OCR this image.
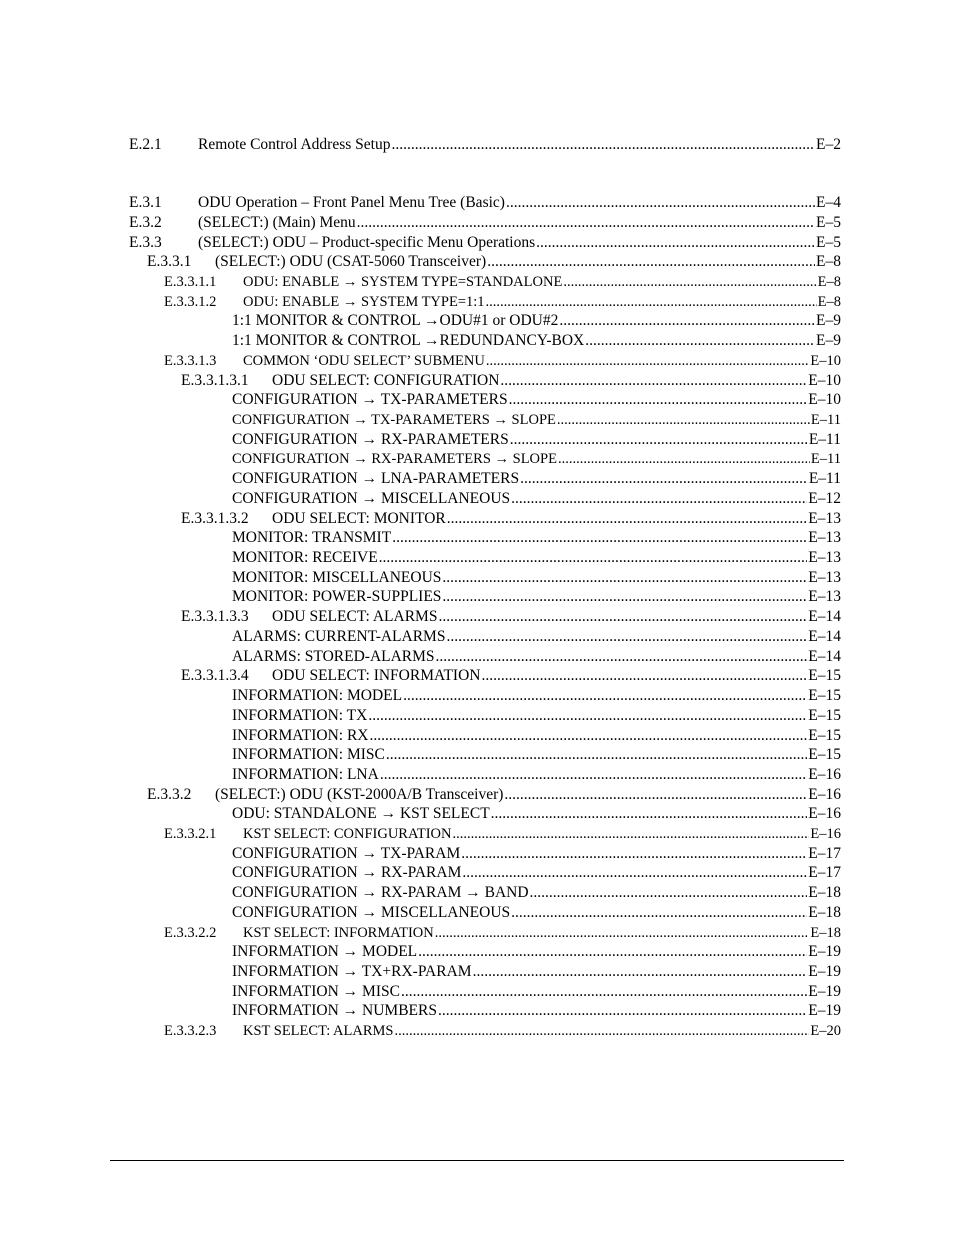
E.2.1	Remote Control Address Setup .....	E–2
E.3.1	ODU Operation – Front Panel Menu Tree (Basic) .....	E–4
E.3.2	(SELECT:) (Main) Menu .....	E–5
E.3.3	(SELECT:) ODU – Product-specific Menu Operations .....	E–5
E.3.3.1	(SELECT:) ODU (CSAT-5060 Transceiver) .....	E–8
E.3.3.1.1	ODU: ENABLE → SYSTEM TYPE=STANDALONE .....	E–8
E.3.3.1.2	ODU: ENABLE → SYSTEM TYPE=1:1 .....	E–8
1:1 MONITOR & CONTROL →ODU#1 or ODU#2 .....	E–9
1:1 MONITOR & CONTROL →REDUNDANCY-BOX .....	E–9
E.3.3.1.3	COMMON ‘ODU SELECT’ SUBMENU .....	E–10
E.3.3.1.3.1	ODU SELECT: CONFIGURATION .....	E–10
CONFIGURATION → TX-PARAMETERS .....	E–10
CONFIGURATION → TX-PARAMETERS → SLOPE .....	E–11
CONFIGURATION → RX-PARAMETERS .....	E–11
CONFIGURATION → RX-PARAMETERS → SLOPE .....	E–11
CONFIGURATION → LNA-PARAMETERS .....	E–11
CONFIGURATION → MISCELLANEOUS .....	E–12
E.3.3.1.3.2	ODU SELECT: MONITOR .....	E–13
MONITOR: TRANSMIT .....	E–13
MONITOR: RECEIVE .....	E–13
MONITOR: MISCELLANEOUS .....	E–13
MONITOR: POWER-SUPPLIES .....	E–13
E.3.3.1.3.3	ODU SELECT: ALARMS .....	E–14
ALARMS: CURRENT-ALARMS .....	E–14
ALARMS: STORED-ALARMS .....	E–14
E.3.3.1.3.4	ODU SELECT: INFORMATION .....	E–15
INFORMATION: MODEL .....	E–15
INFORMATION: TX .....	E–15
INFORMATION: RX .....	E–15
INFORMATION: MISC .....	E–15
INFORMATION: LNA .....	E–16
E.3.3.2	(SELECT:) ODU (KST-2000A/B Transceiver) .....	E–16
ODU: STANDALONE → KST SELECT .....	E–16
E.3.3.2.1	KST SELECT: CONFIGURATION .....	E–16
CONFIGURATION → TX-PARAM .....	E–17
CONFIGURATION → RX-PARAM .....	E–17
CONFIGURATION → RX-PARAM → BAND .....	E–18
CONFIGURATION → MISCELLANEOUS .....	E–18
E.3.3.2.2	KST SELECT: INFORMATION .....	E–18
INFORMATION → MODEL .....	E–19
INFORMATION → TX+RX-PARAM .....	E–19
INFORMATION → MISC .....	E–19
INFORMATION → NUMBERS .....	E–19
E.3.3.2.3	KST SELECT: ALARMS .....	E–20
